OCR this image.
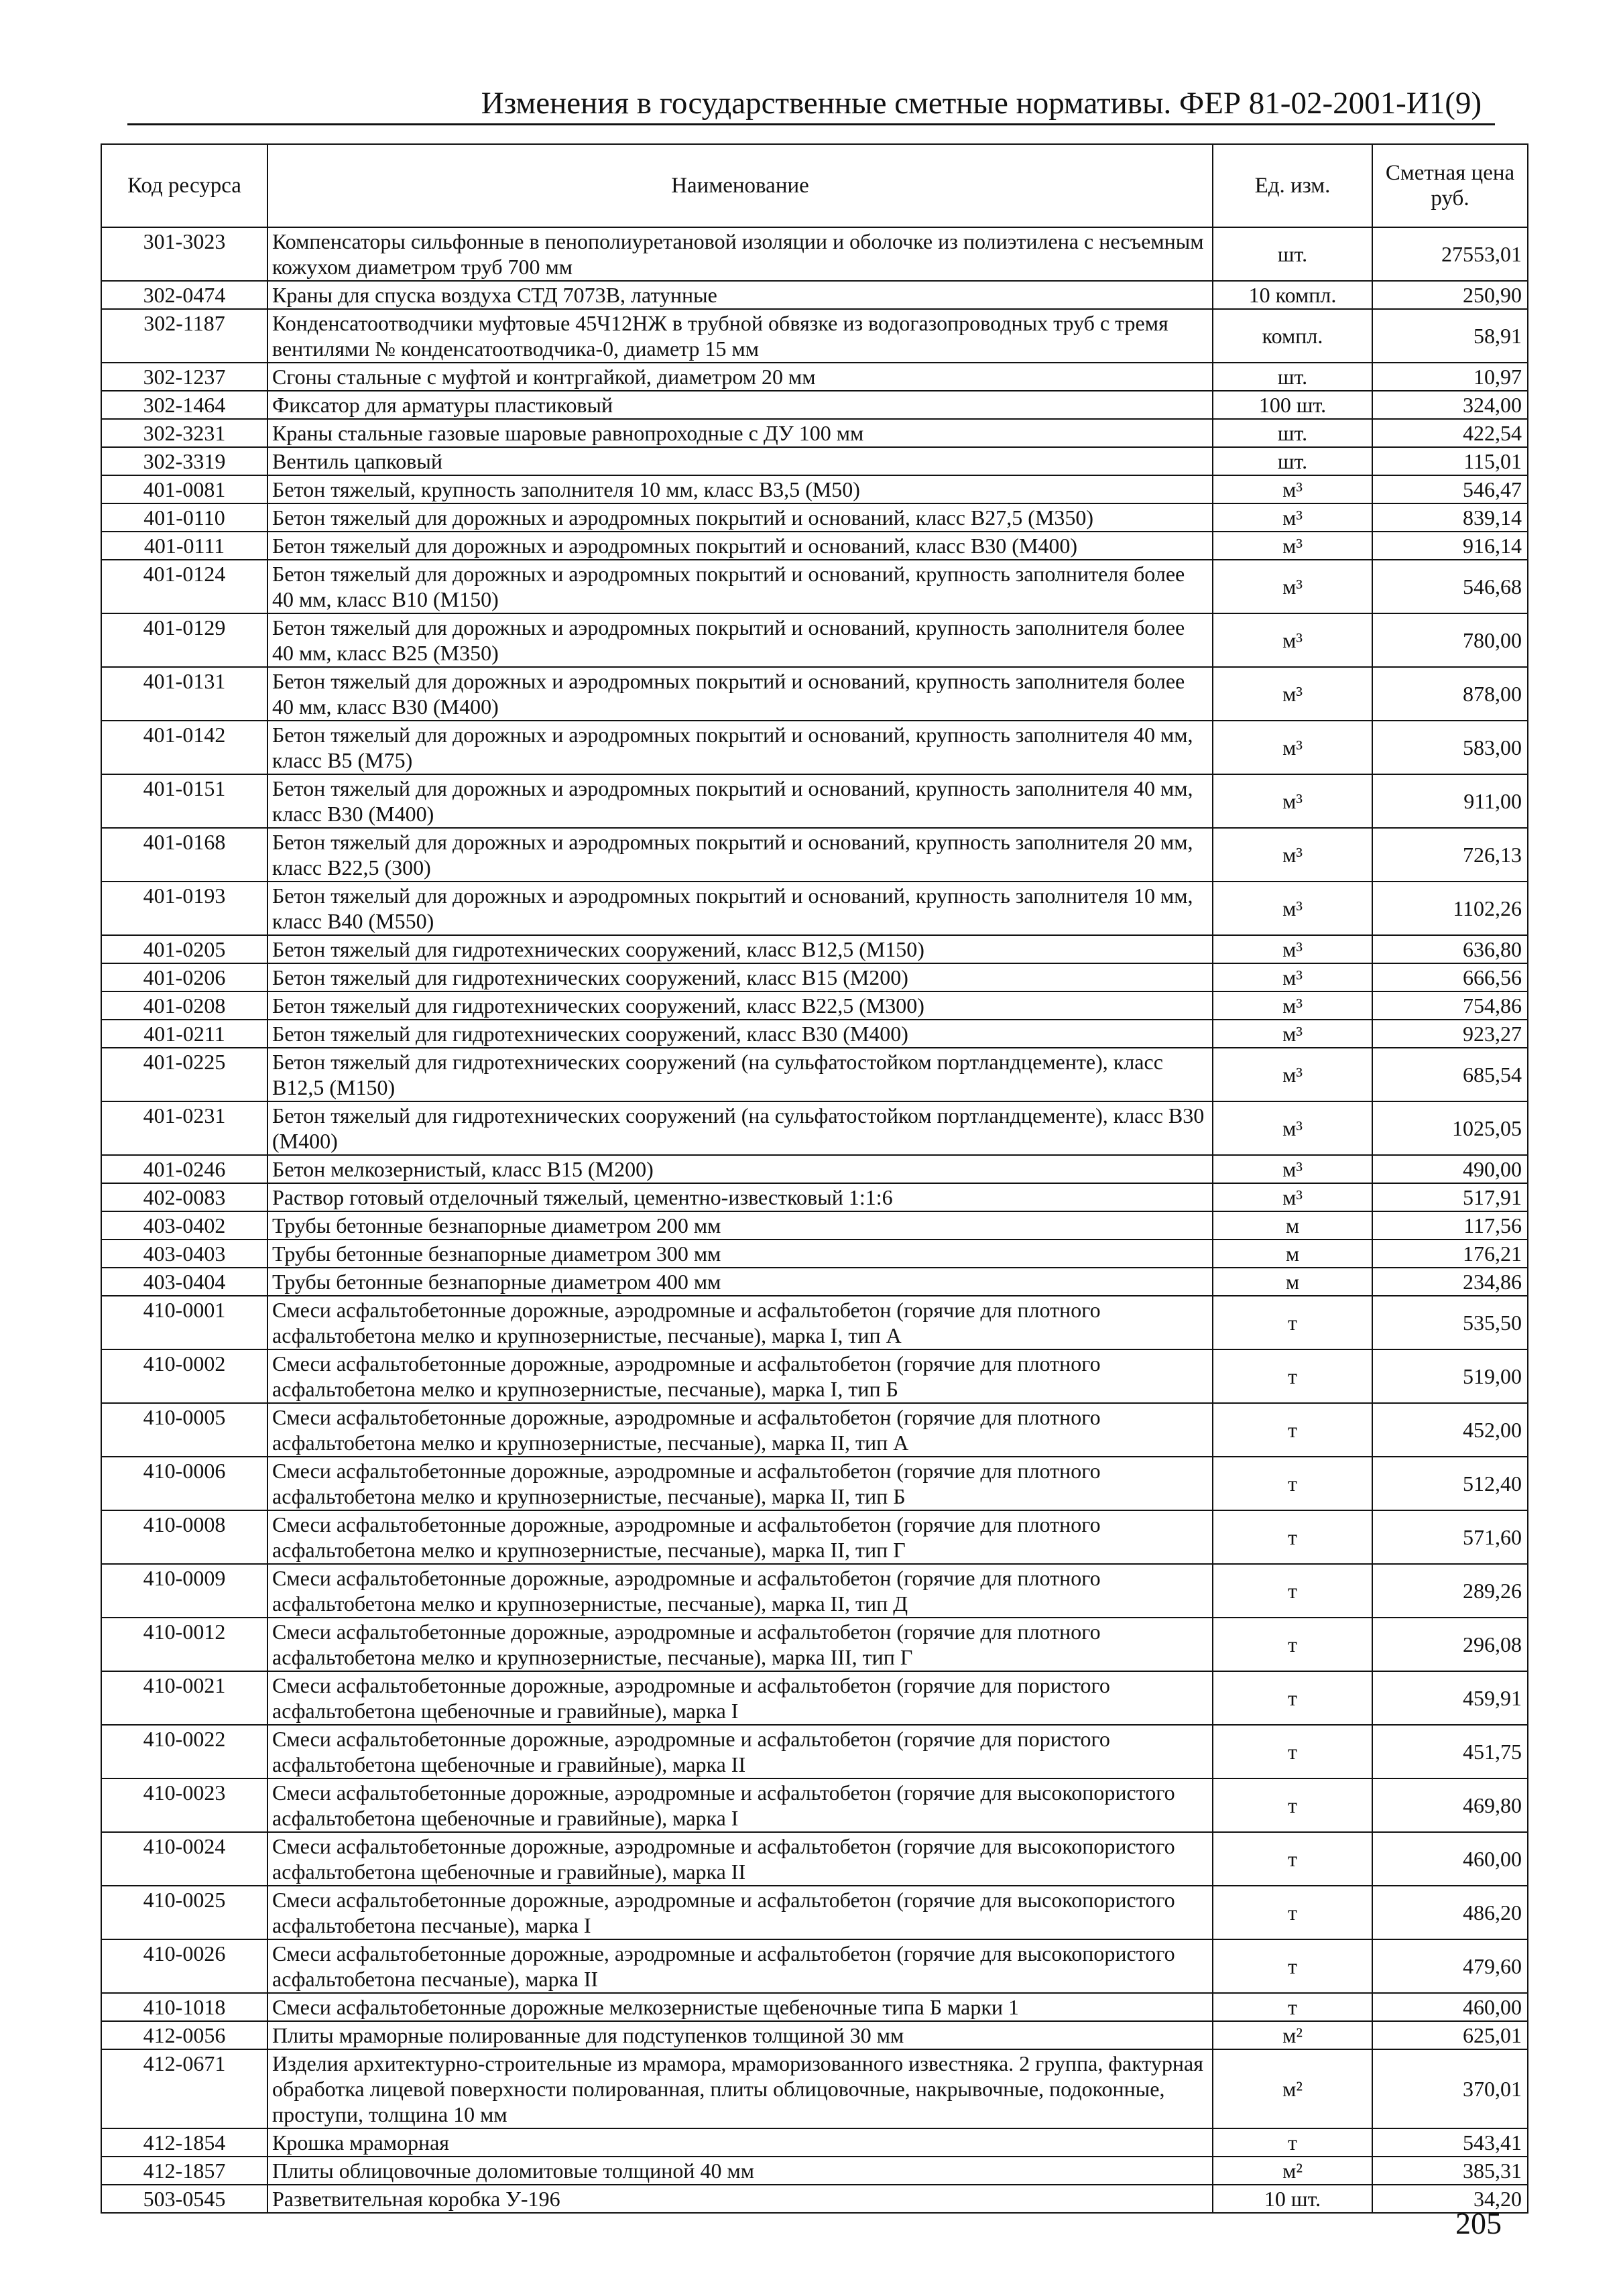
Изменения в государственные сметные нормативы. ФЕР 81-02-2001-И1(9)
Код ресурса	Наименование	Ед. изм.	Сметная цена руб.
301-3023	Компенсаторы сильфонные в пенополиуретановой изоляции и оболочке из полиэтилена с несъемным кожухом диаметром труб 700 мм	шт.	27553,01
302-0474	Краны для спуска воздуха СТД 7073В, латунные	10 компл.	250,90
302-1187	Конденсатоотводчики муфтовые 45Ч12НЖ в трубной обвязке из водогазопроводных труб с тремя вентилями № конденсатоотводчика-0, диаметр 15 мм	компл.	58,91
302-1237	Сгоны стальные с муфтой и контргайкой, диаметром 20 мм	шт.	10,97
302-1464	Фиксатор для арматуры пластиковый	100 шт.	324,00
302-3231	Краны стальные газовые шаровые равнопроходные с ДУ 100 мм	шт.	422,54
302-3319	Вентиль цапковый	шт.	115,01
401-0081	Бетон тяжелый, крупность заполнителя 10 мм, класс В3,5 (М50)	м³	546,47
401-0110	Бетон тяжелый для дорожных и аэродромных покрытий и оснований, класс В27,5 (М350)	м³	839,14
401-0111	Бетон тяжелый для дорожных и аэродромных покрытий и оснований, класс В30 (М400)	м³	916,14
401-0124	Бетон тяжелый для дорожных и аэродромных покрытий и оснований, крупность заполнителя более 40 мм, класс В10 (М150)	м³	546,68
401-0129	Бетон тяжелый для дорожных и аэродромных покрытий и оснований, крупность заполнителя более 40 мм, класс В25 (М350)	м³	780,00
401-0131	Бетон тяжелый для дорожных и аэродромных покрытий и оснований, крупность заполнителя более 40 мм, класс В30 (М400)	м³	878,00
401-0142	Бетон тяжелый для дорожных и аэродромных покрытий и оснований, крупность заполнителя 40 мм, класс В5 (М75)	м³	583,00
401-0151	Бетон тяжелый для дорожных и аэродромных покрытий и оснований, крупность заполнителя 40 мм, класс В30 (М400)	м³	911,00
401-0168	Бетон тяжелый для дорожных и аэродромных покрытий и оснований, крупность заполнителя 20 мм, класс В22,5 (300)	м³	726,13
401-0193	Бетон тяжелый для дорожных и аэродромных покрытий и оснований, крупность заполнителя 10 мм, класс В40 (М550)	м³	1102,26
401-0205	Бетон тяжелый для гидротехнических сооружений, класс В12,5 (М150)	м³	636,80
401-0206	Бетон тяжелый для гидротехнических сооружений, класс В15 (М200)	м³	666,56
401-0208	Бетон тяжелый для гидротехнических сооружений, класс В22,5 (М300)	м³	754,86
401-0211	Бетон тяжелый для гидротехнических сооружений, класс В30 (М400)	м³	923,27
401-0225	Бетон тяжелый для гидротехнических сооружений (на сульфатостойком портландцементе), класс В12,5 (М150)	м³	685,54
401-0231	Бетон тяжелый для гидротехнических сооружений (на сульфатостойком портландцементе), класс В30 (М400)	м³	1025,05
401-0246	Бетон мелкозернистый, класс В15 (М200)	м³	490,00
402-0083	Раствор готовый отделочный тяжелый, цементно-известковый 1:1:6	м³	517,91
403-0402	Трубы бетонные безнапорные диаметром 200 мм	м	117,56
403-0403	Трубы бетонные безнапорные диаметром 300 мм	м	176,21
403-0404	Трубы бетонные безнапорные диаметром 400 мм	м	234,86
410-0001	Смеси асфальтобетонные дорожные, аэродромные и асфальтобетон (горячие для плотного асфальтобетона мелко и крупнозернистые, песчаные), марка I, тип А	т	535,50
410-0002	Смеси асфальтобетонные дорожные, аэродромные и асфальтобетон (горячие для плотного асфальтобетона мелко и крупнозернистые, песчаные), марка I, тип Б	т	519,00
410-0005	Смеси асфальтобетонные дорожные, аэродромные и асфальтобетон (горячие для плотного асфальтобетона мелко и крупнозернистые, песчаные), марка II, тип А	т	452,00
410-0006	Смеси асфальтобетонные дорожные, аэродромные и асфальтобетон (горячие для плотного асфальтобетона мелко и крупнозернистые, песчаные), марка II, тип Б	т	512,40
410-0008	Смеси асфальтобетонные дорожные, аэродромные и асфальтобетон (горячие для плотного асфальтобетона мелко и крупнозернистые, песчаные), марка II, тип Г	т	571,60
410-0009	Смеси асфальтобетонные дорожные, аэродромные и асфальтобетон (горячие для плотного асфальтобетона мелко и крупнозернистые, песчаные), марка II, тип Д	т	289,26
410-0012	Смеси асфальтобетонные дорожные, аэродромные и асфальтобетон (горячие для плотного асфальтобетона мелко и крупнозернистые, песчаные), марка III, тип Г	т	296,08
410-0021	Смеси асфальтобетонные дорожные, аэродромные и асфальтобетон (горячие для пористого асфальтобетона щебеночные и гравийные), марка I	т	459,91
410-0022	Смеси асфальтобетонные дорожные, аэродромные и асфальтобетон (горячие для пористого асфальтобетона щебеночные и гравийные), марка II	т	451,75
410-0023	Смеси асфальтобетонные дорожные, аэродромные и асфальтобетон (горячие для высокопористого асфальтобетона щебеночные и гравийные), марка I	т	469,80
410-0024	Смеси асфальтобетонные дорожные, аэродромные и асфальтобетон (горячие для высокопористого асфальтобетона щебеночные и гравийные), марка II	т	460,00
410-0025	Смеси асфальтобетонные дорожные, аэродромные и асфальтобетон (горячие для высокопористого асфальтобетона песчаные), марка I	т	486,20
410-0026	Смеси асфальтобетонные дорожные, аэродромные и асфальтобетон (горячие для высокопористого асфальтобетона песчаные), марка II	т	479,60
410-1018	Смеси асфальтобетонные дорожные мелкозернистые щебеночные типа Б марки 1	т	460,00
412-0056	Плиты мраморные полированные для подступенков толщиной 30 мм	м²	625,01
412-0671	Изделия архитектурно-строительные из мрамора, мраморизованного известняка. 2 группа, фактурная обработка лицевой поверхности полированная, плиты облицовочные, накрывочные, подоконные, проступи, толщина 10 мм	м²	370,01
412-1854	Крошка мраморная	т	543,41
412-1857	Плиты облицовочные доломитовые толщиной 40 мм	м²	385,31
503-0545	Разветвительная коробка У-196	10 шт.	34,20
205
